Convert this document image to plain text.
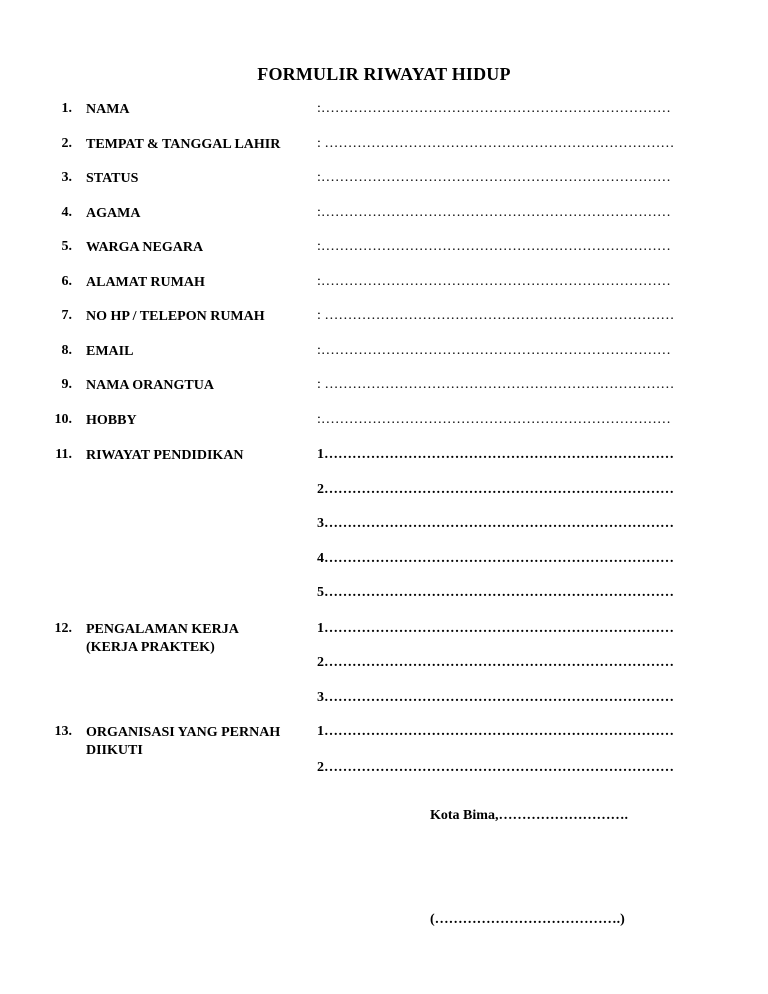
FORMULIR RIWAYAT HIDUP
1. NAMA	:…………………………………………………………………
2. TEMPAT & TANGGAL LAHIR	: …………………………………………………………………
3. STATUS	:…………………………………………………………………
4. AGAMA	:…………………………………………………………………
5. WARGA NEGARA	:…………………………………………………………………
6. ALAMAT RUMAH	:…………………………………………………………………
7. NO HP / TELEPON RUMAH	: …………………………………………………………………
8. EMAIL	:…………………………………………………………………
9. NAMA ORANGTUA	: …………………………………………………………………
10. HOBBY	:…………………………………………………………………
11. RIWAYAT PENDIDIKAN	1…………………………………………………………………
2…………………………………………………………………
3…………………………………………………………………
4…………………………………………………………………
5…………………………………………………………………
12. PENGALAMAN KERJA (KERJA PRAKTEK)
1…………………………………………………………………
2…………………………………………………………………
3…………………………………………………………………
13. ORGANISASI YANG PERNAH DIIKUTI
1…………………………………………………………………
2…………………………………………………………………
Kota Bima,……………………….
(………………………………….)
